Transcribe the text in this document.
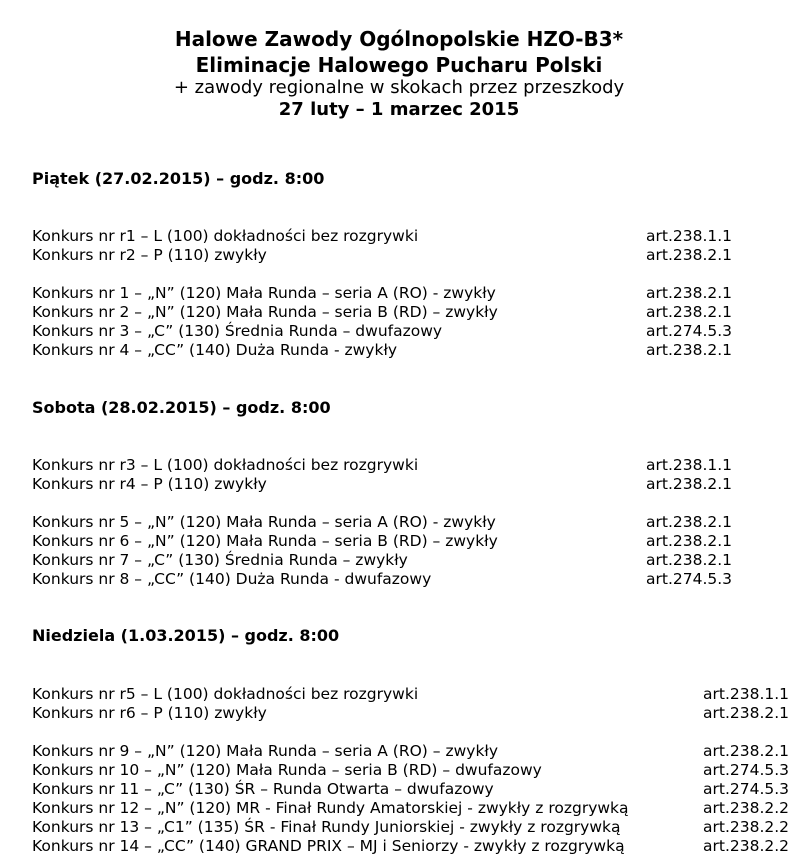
Halowe Zawody Ogólnopolskie HZO-B3*
Eliminacje Halowego Pucharu Polski
+ zawody regionalne w skokach przez przeszkody
27 luty – 1 marzec 2015
Piątek (27.02.2015) – godz. 8:00
Konkurs nr r1 – L (100) dokładności bez rozgrywki	art.238.1.1
Konkurs nr r2 – P (110) zwykły	art.238.2.1
Konkurs nr 1 – „N” (120) Mała Runda – seria A (RO) - zwykły	art.238.2.1
Konkurs nr 2 – „N” (120) Mała Runda – seria B (RD) – zwykły	art.238.2.1
Konkurs nr 3 – „C” (130) Średnia Runda – dwufazowy	art.274.5.3
Konkurs nr 4 – „CC” (140) Duża Runda - zwykły	art.238.2.1
Sobota (28.02.2015) – godz. 8:00
Konkurs nr r3 – L (100) dokładności bez rozgrywki	art.238.1.1
Konkurs nr r4 – P (110) zwykły	art.238.2.1
Konkurs nr 5 – „N” (120) Mała Runda – seria A (RO) - zwykły	art.238.2.1
Konkurs nr 6 – „N” (120) Mała Runda – seria B (RD) – zwykły	art.238.2.1
Konkurs nr 7 – „C” (130) Średnia Runda – zwykły	art.238.2.1
Konkurs nr 8 – „CC” (140) Duża Runda - dwufazowy	art.274.5.3
Niedziela (1.03.2015) – godz. 8:00
Konkurs nr r5 – L (100) dokładności bez rozgrywki	art.238.1.1
Konkurs nr r6 – P (110) zwykły	art.238.2.1
Konkurs nr 9 – „N” (120) Mała Runda – seria A (RO) – zwykły	art.238.2.1
Konkurs nr 10 – „N” (120) Mała Runda – seria B (RD) – dwufazowy	art.274.5.3
Konkurs nr 11 – „C” (130) ŚR – Runda Otwarta – dwufazowy	art.274.5.3
Konkurs nr 12 – „N” (120) MR - Finał Rundy Amatorskiej - zwykły z rozgrywką	art.238.2.2
Konkurs nr 13 – „C1” (135) ŚR - Finał Rundy Juniorskiej - zwykły z rozgrywką	art.238.2.2
Konkurs nr 14 – „CC” (140) GRAND PRIX – MJ i Seniorzy - zwykły z rozgrywką	art.238.2.2
